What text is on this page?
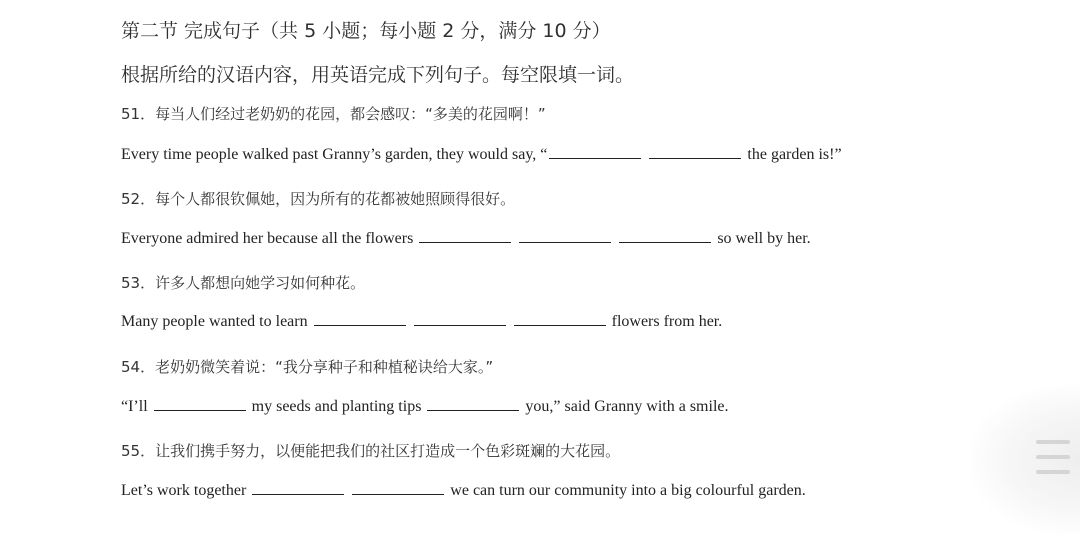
第二节 完成句子（共 5 小题；每小题 2 分，满分 10 分）
根据所给的汉语内容，用英语完成下列句子。每空限填一词。
51．每当人们经过老奶奶的花园，都会感叹：“多美的花园啊！”
Every time people walked past Granny’s garden, they would say, “	the garden is!”
52．每个人都很钦佩她，因为所有的花都被她照顾得很好。
Everyone admired her because all the flowers	so well by her.
53．许多人都想向她学习如何种花。
Many people wanted to learn	flowers from her.
54．老奶奶微笑着说：“我分享种子和种植秘诀给大家。”
“I’ll	my seeds and planting tips	you,” said Granny with a smile.
55．让我们携手努力，以便能把我们的社区打造成一个色彩斑斓的大花园。
Let’s work together	we can turn our community into a big colourful garden.
